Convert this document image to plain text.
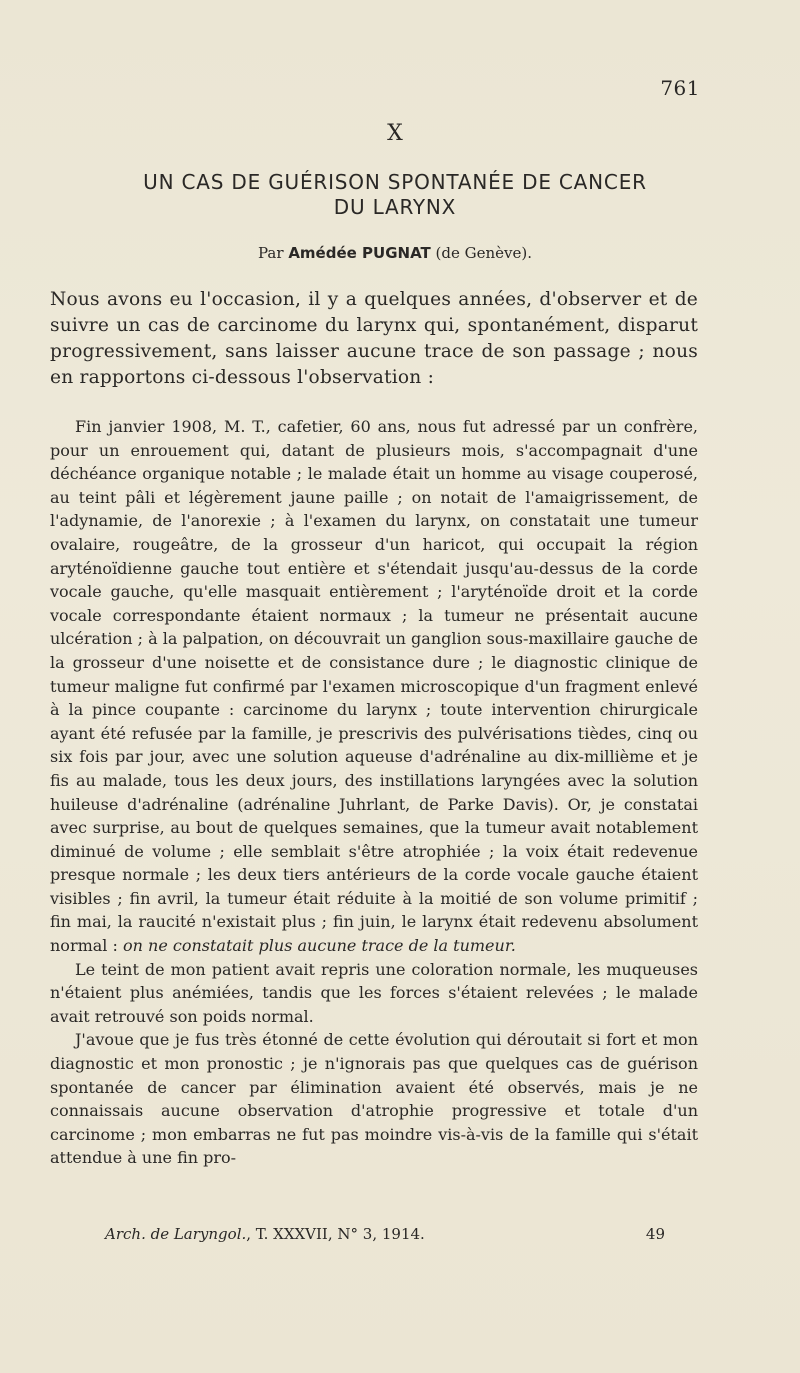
761
X
UN CAS DE GUÉRISON SPONTANÉE DE CANCER
DU LARYNX
Par Amédée PUGNAT (de Genève).

Nous avons eu l'occasion, il y a quelques années, d'observer et de suivre un cas de carcinome du larynx qui, spontanément, disparut progressivement, sans laisser aucune trace de son passage ; nous en rapportons ci-dessous l'observation :

Fin janvier 1908, M. T., cafetier, 60 ans, nous fut adressé par un confrère, pour un enrouement qui, datant de plusieurs mois, s'accompagnait d'une déchéance organique notable ; le malade était un homme au visage couperosé, au teint pâli et légèrement jaune paille ; on notait de l'amaigrissement, de l'adynamie, de l'anorexie ; à l'examen du larynx, on constatait une tumeur ovalaire, rougeâtre, de la grosseur d'un haricot, qui occupait la région aryténoïdienne gauche tout entière et s'étendait jusqu'au-dessus de la corde vocale gauche, qu'elle masquait entièrement ; l'aryténoïde droit et la corde vocale correspondante étaient normaux ; la tumeur ne présentait aucune ulcération ; à la palpation, on découvrait un ganglion sous-maxillaire gauche de la grosseur d'une noisette et de consistance dure ; le diagnostic clinique de tumeur maligne fut confirmé par l'examen microscopique d'un fragment enlevé à la pince coupante : carcinome du larynx ; toute intervention chirurgicale ayant été refusée par la famille, je prescrivis des pulvérisations tièdes, cinq ou six fois par jour, avec une solution aqueuse d'adrénaline au dix-millième et je fis au malade, tous les deux jours, des instillations laryngées avec la solution huileuse d'adrénaline (adrénaline Juhrlant, de Parke Davis). Or, je constatai avec surprise, au bout de quelques semaines, que la tumeur avait notablement diminué de volume ; elle semblait s'être atrophiée ; la voix était redevenue presque normale ; les deux tiers antérieurs de la corde vocale gauche étaient visibles ; fin avril, la tumeur était réduite à la moitié de son volume primitif ; fin mai, la raucité n'existait plus ; fin juin, le larynx était redevenu absolument normal : on ne constatait plus aucune trace de la tumeur.

Le teint de mon patient avait repris une coloration normale, les muqueuses n'étaient plus anémiées, tandis que les forces s'étaient relevées ; le malade avait retrouvé son poids normal.

J'avoue que je fus très étonné de cette évolution qui déroutait si fort et mon diagnostic et mon pronostic ; je n'ignorais pas que quelques cas de guérison spontanée de cancer par élimination avaient été observés, mais je ne connaissais aucune observation d'atrophie progressive et totale d'un carcinome ; mon embarras ne fut pas moindre vis-à-vis de la famille qui s'était attendue à une fin pro-

Arch. de Laryngol., T. XXXVII, N° 3, 1914.	49
